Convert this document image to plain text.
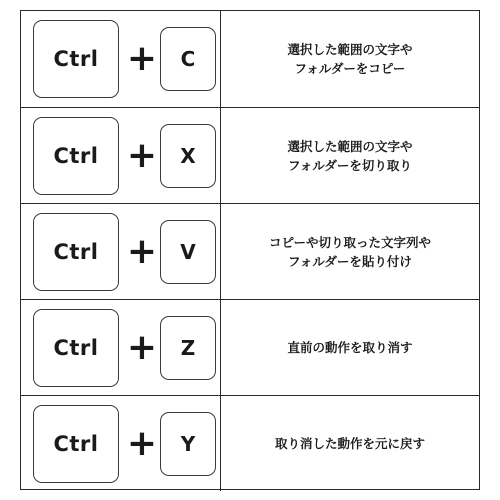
Ctrl +	C	選択した範囲の文字や
フォルダーをコピー
Ctrl +	X	選択した範囲の文字や
フォルダーを切り取り
Ctrl +	V	コピーや切り取った文字列や
フォルダーを貼り付け
Ctrl +	Z	直前の動作を取り消す
Ctrl +	Y	取り消した動作を元に戻す
